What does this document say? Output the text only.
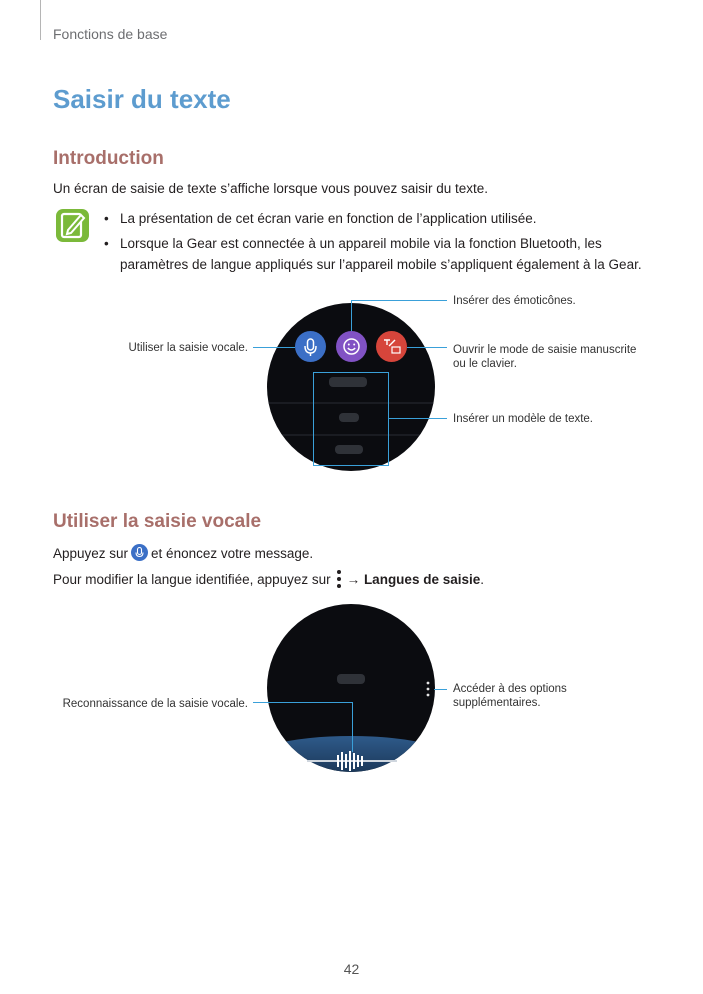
Fonctions de base
Saisir du texte
Introduction
Un écran de saisie de texte s’affiche lorsque vous pouvez saisir du texte.
• La présentation de cet écran varie en fonction de l’application utilisée.
• Lorsque la Gear est connectée à un appareil mobile via la fonction Bluetooth, les
paramètres de langue appliqués sur l’appareil mobile s’appliquent également à la Gear.
Insérer des émoticônes.
Utiliser la saisie vocale.	Ouvrir le mode de saisie manuscrite
ou le clavier.
Insérer un modèle de texte.
Utiliser la saisie vocale
Appuyez sur et énoncez votre message.
Pour modifier la langue identifiée, appuyez sur → Langues de saisie.
Reconnaissance de la saisie vocale.
Accéder à des options
supplémentaires.
42
